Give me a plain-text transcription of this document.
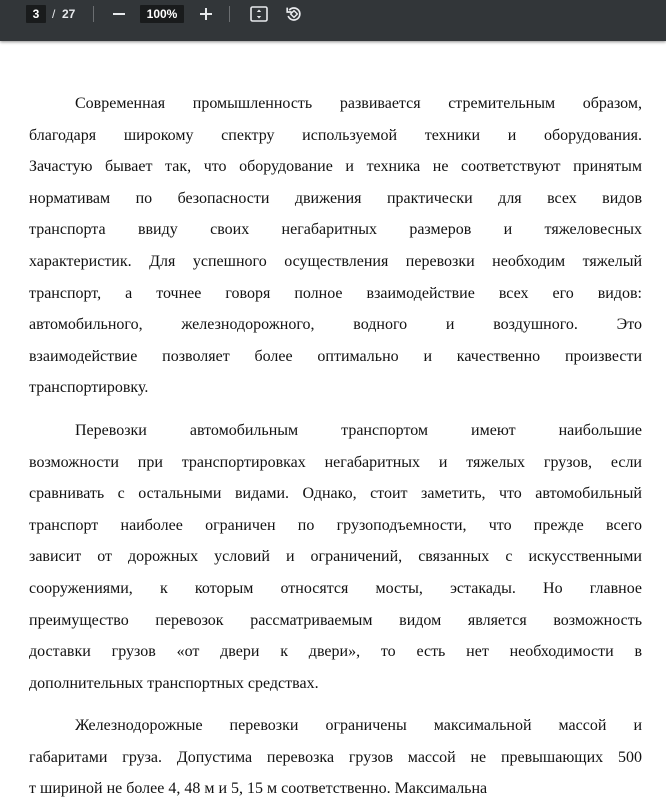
3	/ 27	100%

Современная промышленность развивается стремительным образом,
благодаря широкому спектру используемой техники и оборудования.
Зачастую бывает так, что оборудование и техника не соответствуют принятым
нормативам по безопасности движения практически для всех видов
транспорта ввиду своих негабаритных размеров и тяжеловесных
характеристик. Для успешного осуществления перевозки необходим тяжелый
транспорт, а точнее говоря полное взаимодействие всех его видов:
автомобильного, железнодорожного, водного и воздушного. Это
взаимодействие позволяет более оптимально и качественно произвести
транспортировку.

Перевозки автомобильным транспортом имеют наибольшие
возможности при транспортировках негабаритных и тяжелых грузов, если
сравнивать с остальными видами. Однако, стоит заметить, что автомобильный
транспорт наиболее ограничен по грузоподъемности, что прежде всего
зависит от дорожных условий и ограничений, связанных с искусственными
сооружениями, к которым относятся мосты, эстакады. Но главное
преимущество перевозок рассматриваемым видом является возможность
доставки грузов «от двери к двери», то есть нет необходимости в
дополнительных транспортных средствах.

Железнодорожные перевозки ограничены максимальной массой и
габаритами груза. Допустима перевозка грузов массой не превышающих 500
т шириной не более 4, 48 м и 5, 15 м соответственно. Максимальна
